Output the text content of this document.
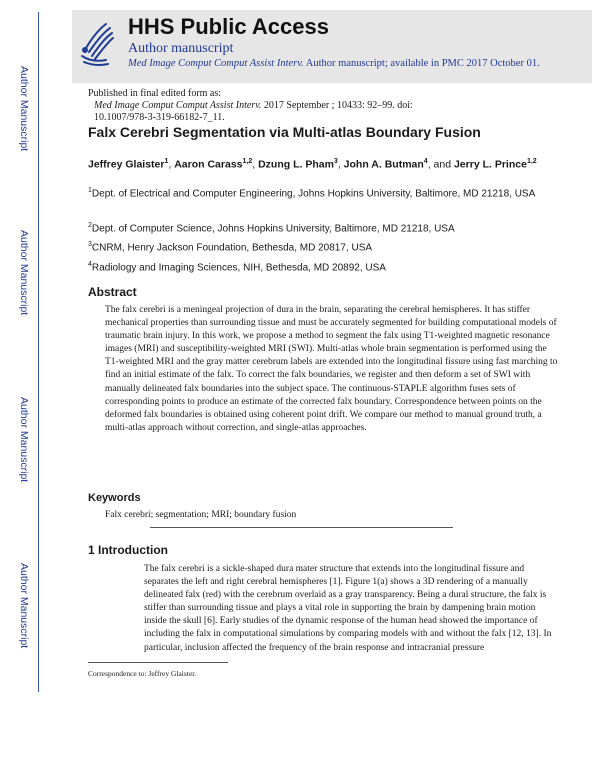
Author Manuscript
Author Manuscript
Author Manuscript
Author Manuscript
HHS Public Access
Author manuscript
Med Image Comput Comput Assist Interv. Author manuscript; available in PMC 2017 October 01.
Published in final edited form as:
Med Image Comput Comput Assist Interv. 2017 September ; 10433: 92–99. doi:
10.1007/978-3-319-66182-7_11.
Falx Cerebri Segmentation via Multi-atlas Boundary Fusion
Jeffrey Glaister$^1$, Aaron Carass$^{1,2}$, Dzung L. Pham$^3$, John A. Butman$^4$, and Jerry L. Prince$^{1,2}$
$^1$Dept. of Electrical and Computer Engineering, Johns Hopkins University, Baltimore, MD 21218, USA
$^2$Dept. of Computer Science, Johns Hopkins University, Baltimore, MD 21218, USA
$^3$CNRM, Henry Jackson Foundation, Bethesda, MD 20817, USA
$^4$Radiology and Imaging Sciences, NIH, Bethesda, MD 20892, USA
Abstract
The falx cerebri is a meningeal projection of dura in the brain, separating the cerebral hemispheres. It has stiffer mechanical properties than surrounding tissue and must be accurately segmented for building computational models of traumatic brain injury. In this work, we propose a method to segment the falx using T1-weighted magnetic resonance images (MRI) and susceptibility-weighted MRI (SWI). Multi-atlas whole brain segmentation is performed using the T1-weighted MRI and the gray matter cerebrum labels are extended into the longitudinal fissure using fast marching to find an initial estimate of the falx. To correct the falx boundaries, we register and then deform a set of SWI with manually delineated falx boundaries into the subject space. The continuous-STAPLE algorithm fuses sets of corresponding points to produce an estimate of the corrected falx boundary. Correspondence between points on the deformed falx boundaries is obtained using coherent point drift. We compare our method to manual ground truth, a multi-atlas approach without correction, and single-atlas approaches.
Keywords
Falx cerebri; segmentation; MRI; boundary fusion
1 Introduction
The falx cerebri is a sickle-shaped dura mater structure that extends into the longitudinal fissure and separates the left and right cerebral hemispheres [1]. Figure 1(a) shows a 3D rendering of a manually delineated falx (red) with the cerebrum overlaid as a gray transparency. Being a dural structure, the falx is stiffer than surrounding tissue and plays a vital role in supporting the brain by dampening brain motion inside the skull [6]. Early studies of the dynamic response of the human head showed the importance of including the falx in computational simulations by comparing models with and without the falx [12, 13]. In particular, inclusion affected the frequency of the brain response and intracranial pressure
Correspondence to: Jeffrey Glaister.
